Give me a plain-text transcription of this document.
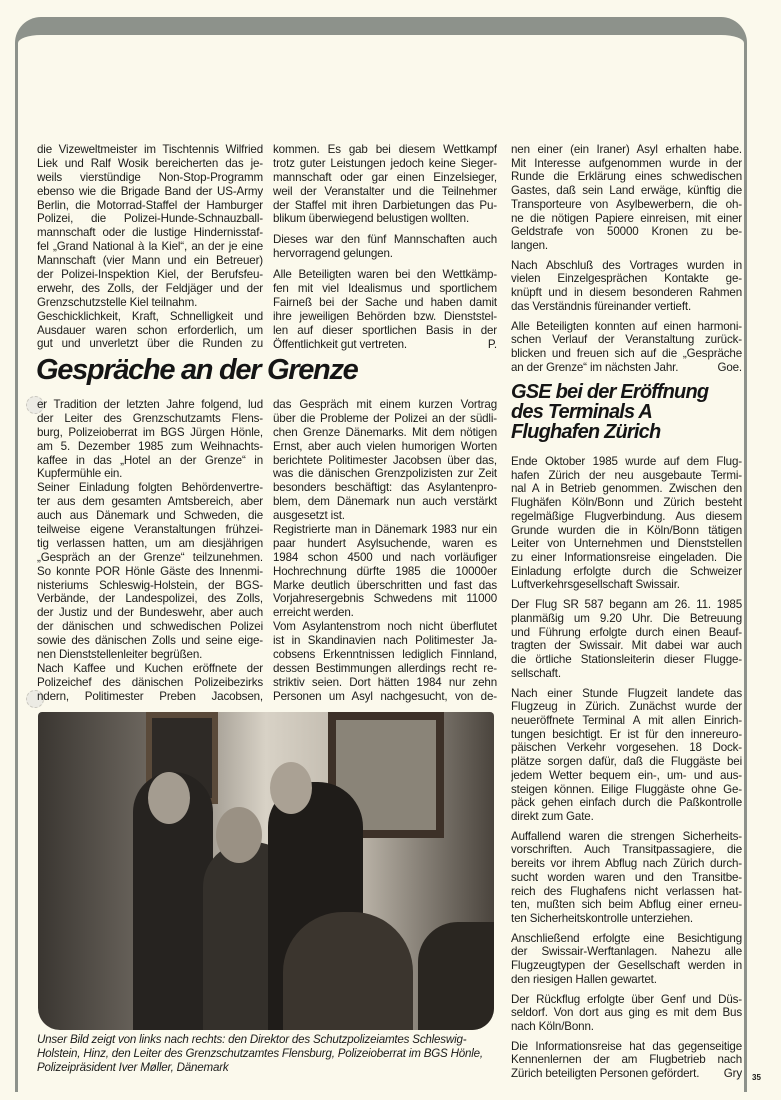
die Vizeweltmeister im Tischtennis Wilfried
Liek und Ralf Wosik bereicherten das je-
weils vierstündige Non-Stop-Programm
ebenso wie die Brigade Band der US-Army
Berlin, die Motorrad-Staffel der Hamburger
Polizei, die Polizei-Hunde-Schnauzball-
mannschaft oder die lustige Hindernisstaf-
fel „Grand National à la Kiel“, an der je eine
Mannschaft (vier Mann und ein Betreuer)
der Polizei-Inspektion Kiel, der Berufsfeu-
erwehr, des Zolls, der Feldjäger und der
Grenzschutzstelle Kiel teilnahm.
Geschicklichkeit, Kraft, Schnelligkeit und
Ausdauer waren schon erforderlich, um
gut und unverletzt über die Runden zu
kommen. Es gab bei diesem Wettkampf
trotz guter Leistungen jedoch keine Sieger-
mannschaft oder gar einen Einzelsieger,
weil der Veranstalter und die Teilnehmer
der Staffel mit ihren Darbietungen das Pu-
blikum überwiegend belustigen wollten.
Dieses war den fünf Mannschaften auch
hervorragend gelungen.
Alle Beteiligten waren bei den Wettkämp-
fen mit viel Idealismus und sportlichem
Fairneß bei der Sache und haben damit
ihre jeweiligen Behörden bzw. Dienststel-
len auf dieser sportlichen Basis in der
Öffentlichkeit gut vertreten.	P.
nen einer (ein Iraner) Asyl erhalten habe.
Mit Interesse aufgenommen wurde in der
Runde die Erklärung eines schwedischen
Gastes, daß sein Land erwäge, künftig die
Transporteure von Asylbewerbern, die oh-
ne die nötigen Papiere einreisen, mit einer
Geldstrafe von 50000 Kronen zu be-
langen.
Nach Abschluß des Vortrages wurden in
vielen Einzelgesprächen Kontakte ge-
knüpft und in diesem besonderen Rahmen
das Verständnis füreinander vertieft.
Alle Beteiligten konnten auf einen harmoni-
schen Verlauf der Veranstaltung zurück-
blicken und freuen sich auf die „Gespräche
an der Grenze“ im nächsten Jahr.	Goe.
Gespräche an der Grenze
er Tradition der letzten Jahre folgend, lud
der Leiter des Grenzschutzamts Flens-
burg, Polizeioberrat im BGS Jürgen Hönle,
am 5. Dezember 1985 zum Weihnachts-
kaffee in das „Hotel an der Grenze“ in
Kupfermühle ein.
Seiner Einladung folgten Behördenvertre-
ter aus dem gesamten Amtsbereich, aber
auch aus Dänemark und Schweden, die
teilweise eigene Veranstaltungen frühzei-
tig verlassen hatten, um am diesjährigen
„Gespräch an der Grenze“ teilzunehmen.
So konnte POR Hönle Gäste des Innenmi-
nisteriums Schleswig-Holstein, der BGS-
Verbände, der Landespolizei, des Zolls,
der Justiz und der Bundeswehr, aber auch
der dänischen und schwedischen Polizei
sowie des dänischen Zolls und seine eige-
nen Dienststellenleiter begrüßen.
Nach Kaffee und Kuchen eröffnete der
Polizeichef des dänischen Polizeibezirks
ndern, Politimester Preben Jacobsen,
das Gespräch mit einem kurzen Vortrag
über die Probleme der Polizei an der südli-
chen Grenze Dänemarks. Mit dem nötigen
Ernst, aber auch vielen humorigen Worten
berichtete Politimester Jacobsen über das,
was die dänischen Grenzpolizisten zur Zeit
besonders beschäftigt: das Asylantenpro-
blem, dem Dänemark nun auch verstärkt
ausgesetzt ist.
Registrierte man in Dänemark 1983 nur ein
paar hundert Asylsuchende, waren es
1984 schon 4500 und nach vorläufiger
Hochrechnung dürfte 1985 die 10000er
Marke deutlich überschritten und fast das
Vorjahresergebnis Schwedens mit 11000
erreicht werden.
Vom Asylantenstrom noch nicht überflutet
ist in Skandinavien nach Politimester Ja-
cobsens Erkenntnissen lediglich Finnland,
dessen Bestimmungen allerdings recht re-
striktiv seien. Dort hätten 1984 nur zehn
Personen um Asyl nachgesucht, von de-
Unser Bild zeigt von links nach rechts: den Direktor des Schutzpolizeiamtes Schleswig-Holstein, Hinz, den Leiter des Grenzschutzamtes Flensburg, Polizeioberrat im BGS Hönle, Polizeipräsident Iver Møller, Dänemark
GSE bei der Eröffnung
des Terminals A
Flughafen Zürich
Ende Oktober 1985 wurde auf dem Flug-
hafen Zürich der neu ausgebaute Termi-
nal A in Betrieb genommen. Zwischen den
Flughäfen Köln/Bonn und Zürich besteht
regelmäßige Flugverbindung. Aus diesem
Grunde wurden die in Köln/Bonn tätigen
Leiter von Unternehmen und Dienststellen
zu einer Informationsreise eingeladen. Die
Einladung erfolgte durch die Schweizer
Luftverkehrsgesellschaft Swissair.
Der Flug SR 587 begann am 26. 11. 1985
planmäßig um 9.20 Uhr. Die Betreuung
und Führung erfolgte durch einen Beauf-
tragten der Swissair. Mit dabei war auch
die örtliche Stationsleiterin dieser Flugge-
sellschaft.
Nach einer Stunde Flugzeit landete das
Flugzeug in Zürich. Zunächst wurde der
neueröffnete Terminal A mit allen Einrich-
tungen besichtigt. Er ist für den innereuro-
päischen Verkehr vorgesehen. 18 Dock-
plätze sorgen dafür, daß die Fluggäste bei
jedem Wetter bequem ein-, um- und aus-
steigen können. Eilige Fluggäste ohne Ge-
päck gehen einfach durch die Paßkontrolle
direkt zum Gate.
Auffallend waren die strengen Sicherheits-
vorschriften. Auch Transitpassagiere, die
bereits vor ihrem Abflug nach Zürich durch-
sucht worden waren und den Transitbe-
reich des Flughafens nicht verlassen hat-
ten, mußten sich beim Abflug einer erneu-
ten Sicherheitskontrolle unterziehen.
Anschließend erfolgte eine Besichtigung
der Swissair-Werftanlagen. Nahezu alle
Flugzeugtypen der Gesellschaft werden in
den riesigen Hallen gewartet.
Der Rückflug erfolgte über Genf und Düs-
seldorf. Von dort aus ging es mit dem Bus
nach Köln/Bonn.
Die Informationsreise hat das gegenseitige
Kennenlernen der am Flugbetrieb nach
Zürich beteiligten Personen gefördert. Gry 35
